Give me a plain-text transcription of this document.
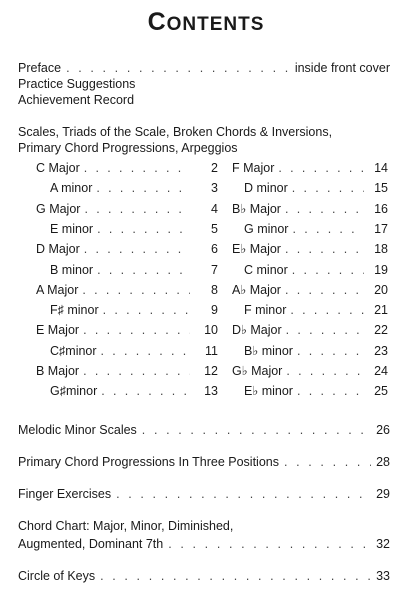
CONTENTS
Preface . . .	inside front cover
Practice Suggestions
Achievement Record
Scales, Triads of the Scale, Broken Chords & Inversions,
Primary Chord Progressions, Arpeggios
C Major . . .	2
A minor . . .	3
G Major . . .	4
E minor . . .	5
D Major . . .	6
B minor . . .	7
A Major . . .	8
F♯ minor . . .	9
E Major . . .	10
C♯minor . . .	11
B Major . . .	12
G♯minor . . .	13
F Major . . .	14
D minor . . .	15
B♭ Major . . .	16
G minor . . .	17
E♭ Major . . .	18
C minor . . .	19
A♭ Major . . .	20
F minor . . .	21
D♭ Major . . .	22
B♭ minor . . .	23
G♭ Major . . .	24
E♭ minor . . .	25
Melodic Minor Scales . . .	26
Primary Chord Progressions In Three Positions . . .	28
Finger Exercises . . .	29
Chord Chart: Major, Minor, Diminished,
Augmented, Dominant 7th . . .	32
Circle of Keys . . .	33
